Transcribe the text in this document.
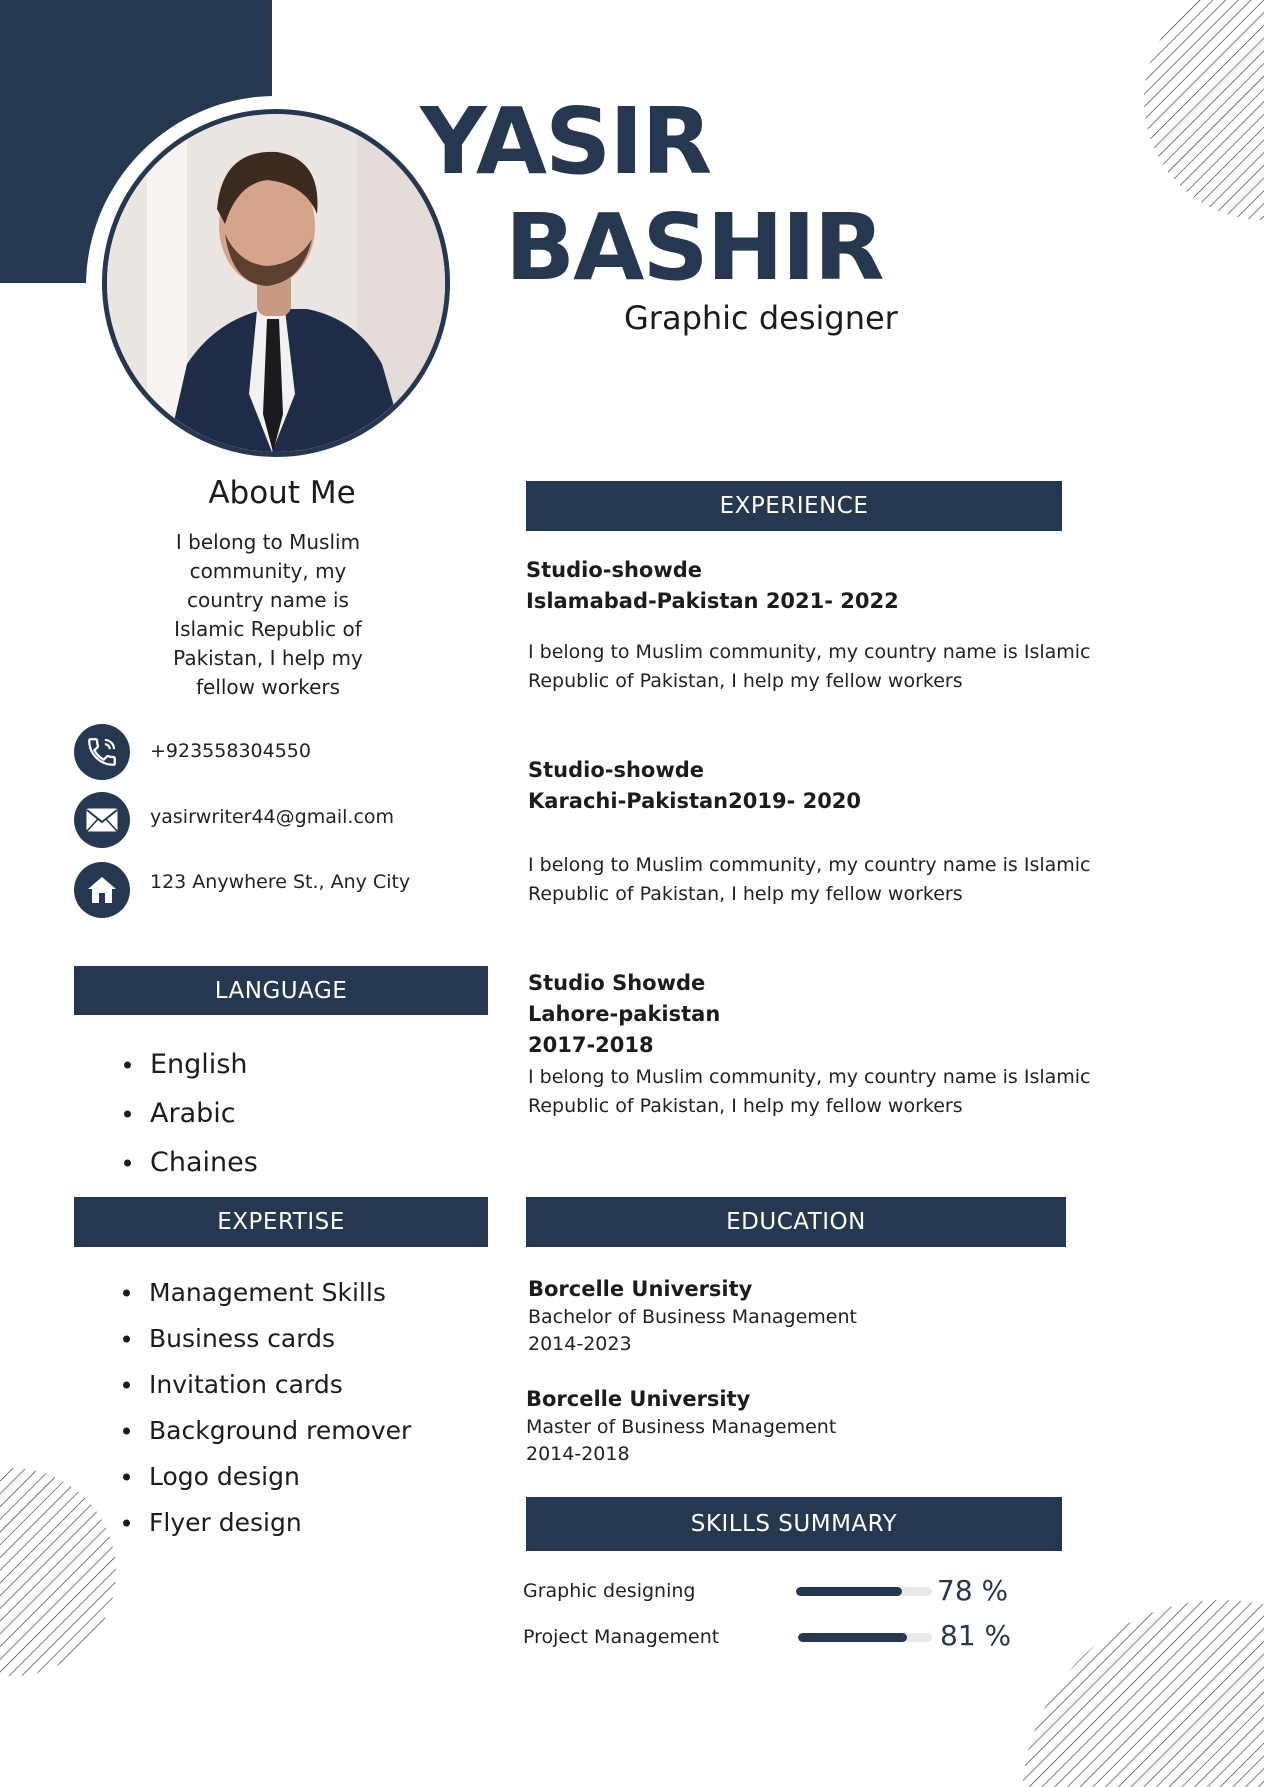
YASIR
BASHIR
Graphic designer
About Me
I belong to Muslim
community, my
country name is
Islamic Republic of
Pakistan, I help my
fellow workers
+923558304550
yasirwriter44@gmail.com
123 Anywhere St., Any City
LANGUAGE
English
Arabic
Chaines
EXPERTISE
Management Skills
Business cards
Invitation cards
Background remover
Logo design
Flyer design
EXPERIENCE
Studio-showde
Islamabad-Pakistan 2021- 2022
I belong to Muslim community, my country name is Islamic
Republic of Pakistan, I help my fellow workers
Studio-showde
Karachi-Pakistan2019- 2020
I belong to Muslim community, my country name is Islamic
Republic of Pakistan, I help my fellow workers
Studio Showde
Lahore-pakistan
2017-2018
I belong to Muslim community, my country name is Islamic
Republic of Pakistan, I help my fellow workers
EDUCATION
Borcelle University
Bachelor of Business Management
2014-2023
Borcelle University
Master of Business Management
2014-2018
SKILLS SUMMARY
Graphic designing	78 %
Project Management	81 %
